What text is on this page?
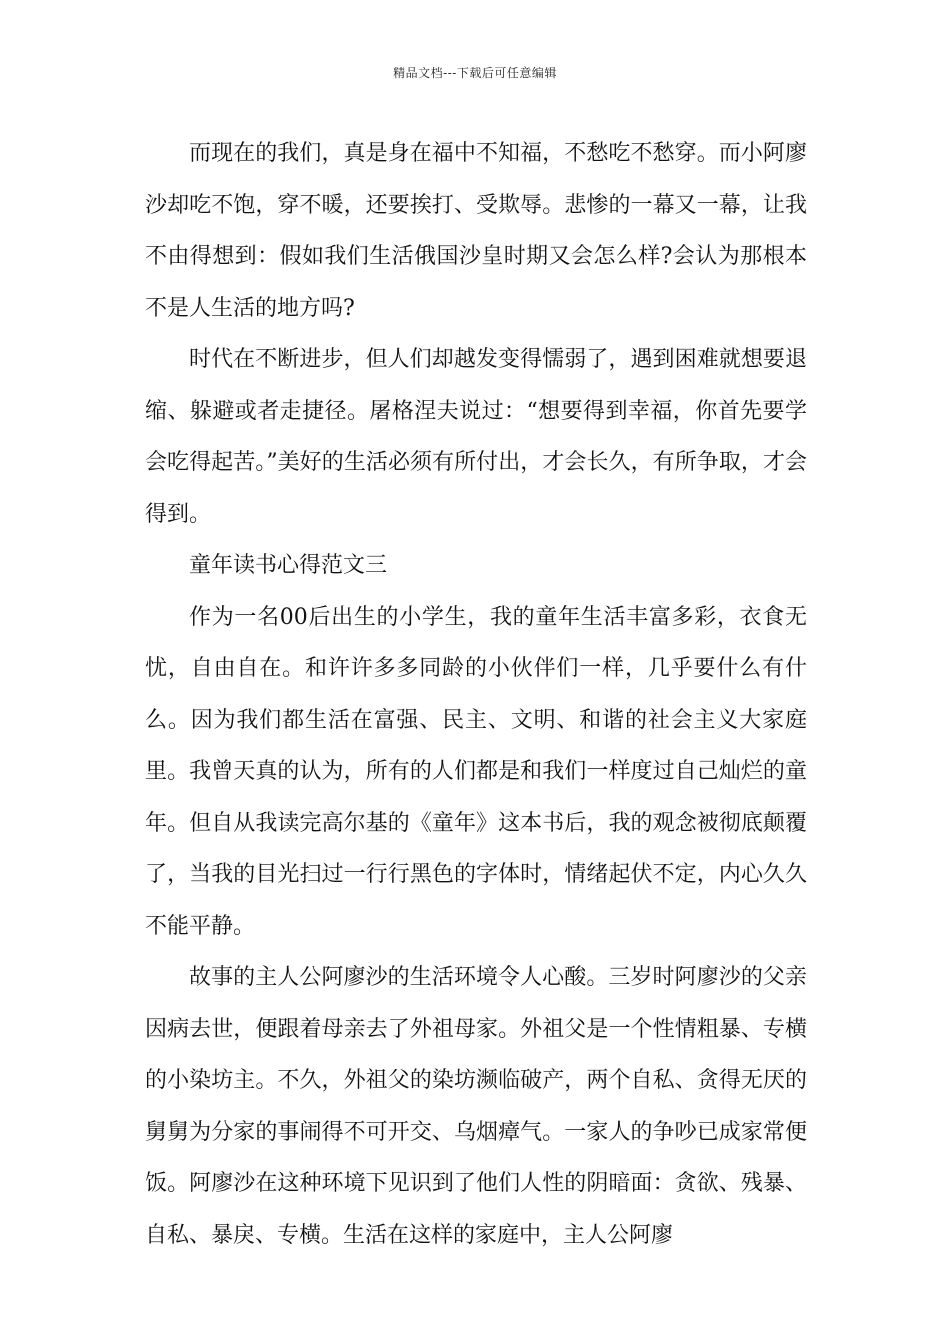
精品文档---下载后可任意编辑

而现在的我们，真是身在福中不知福，不愁吃不愁穿。而小阿廖沙却吃不饱，穿不暖，还要挨打、受欺辱。悲惨的一幕又一幕，让我不由得想到：假如我们生活俄国沙皇时期又会怎么样?会认为那根本不是人生活的地方吗?

时代在不断进步，但人们却越发变得懦弱了，遇到困难就想要退缩、躲避或者走捷径。屠格涅夫说过：“想要得到幸福，你首先要学会吃得起苦。”美好的生活必须有所付出，才会长久，有所争取，才会得到。

童年读书心得范文三

作为一名00后出生的小学生，我的童年生活丰富多彩，衣食无忧，自由自在。和许许多多同龄的小伙伴们一样，几乎要什么有什么。因为我们都生活在富强、民主、文明、和谐的社会主义大家庭里。我曾天真的认为，所有的人们都是和我们一样度过自己灿烂的童年。但自从我读完高尔基的《童年》这本书后，我的观念被彻底颠覆了，当我的目光扫过一行行黑色的字体时，情绪起伏不定，内心久久不能平静。

故事的主人公阿廖沙的生活环境令人心酸。三岁时阿廖沙的父亲因病去世，便跟着母亲去了外祖母家。外祖父是一个性情粗暴、专横的小染坊主。不久，外祖父的染坊濒临破产，两个自私、贪得无厌的舅舅为分家的事闹得不可开交、乌烟瘴气。一家人的争吵已成家常便饭。阿廖沙在这种环境下见识到了他们人性的阴暗面：贪欲、残暴、自私、暴戾、专横。生活在这样的家庭中，主人公阿廖
